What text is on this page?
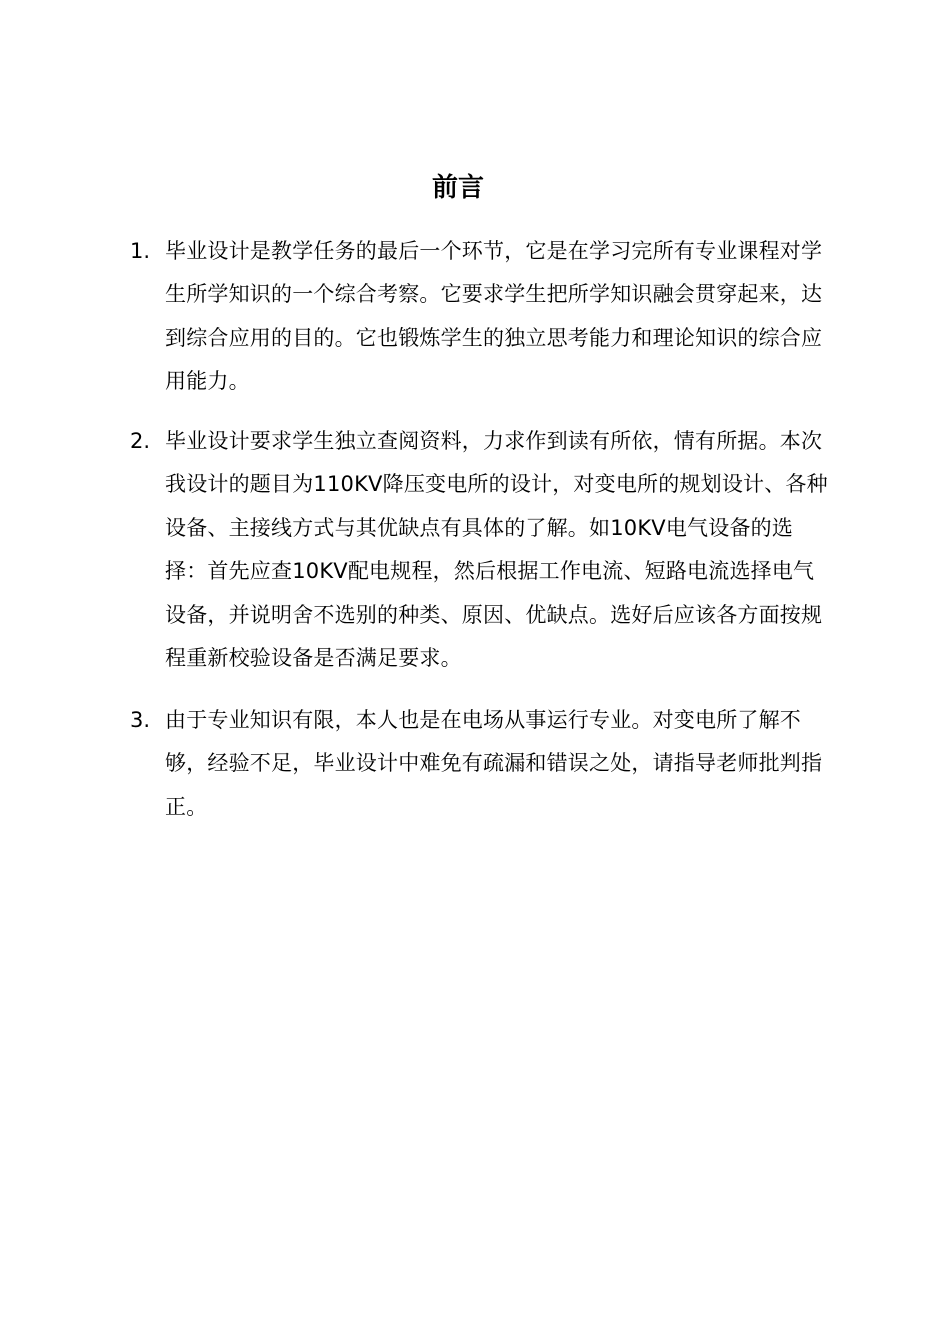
前言
1. 毕业设计是教学任务的最后一个环节，它是在学习完所有专业课程对学生所学知识的一个综合考察。它要求学生把所学知识融会贯穿起来，达到综合应用的目的。它也锻炼学生的独立思考能力和理论知识的综合应用能力。
2. 毕业设计要求学生独立查阅资料，力求作到读有所依，情有所据。本次我设计的题目为110KV降压变电所的设计，对变电所的规划设计、各种设备、主接线方式与其优缺点有具体的了解。如10KV电气设备的选择：首先应查10KV配电规程，然后根据工作电流、短路电流选择电气设备，并说明舍不选别的种类、原因、优缺点。选好后应该各方面按规程重新校验设备是否满足要求。
3. 由于专业知识有限，本人也是在电场从事运行专业。对变电所了解不够，经验不足，毕业设计中难免有疏漏和错误之处，请指导老师批判指正。
